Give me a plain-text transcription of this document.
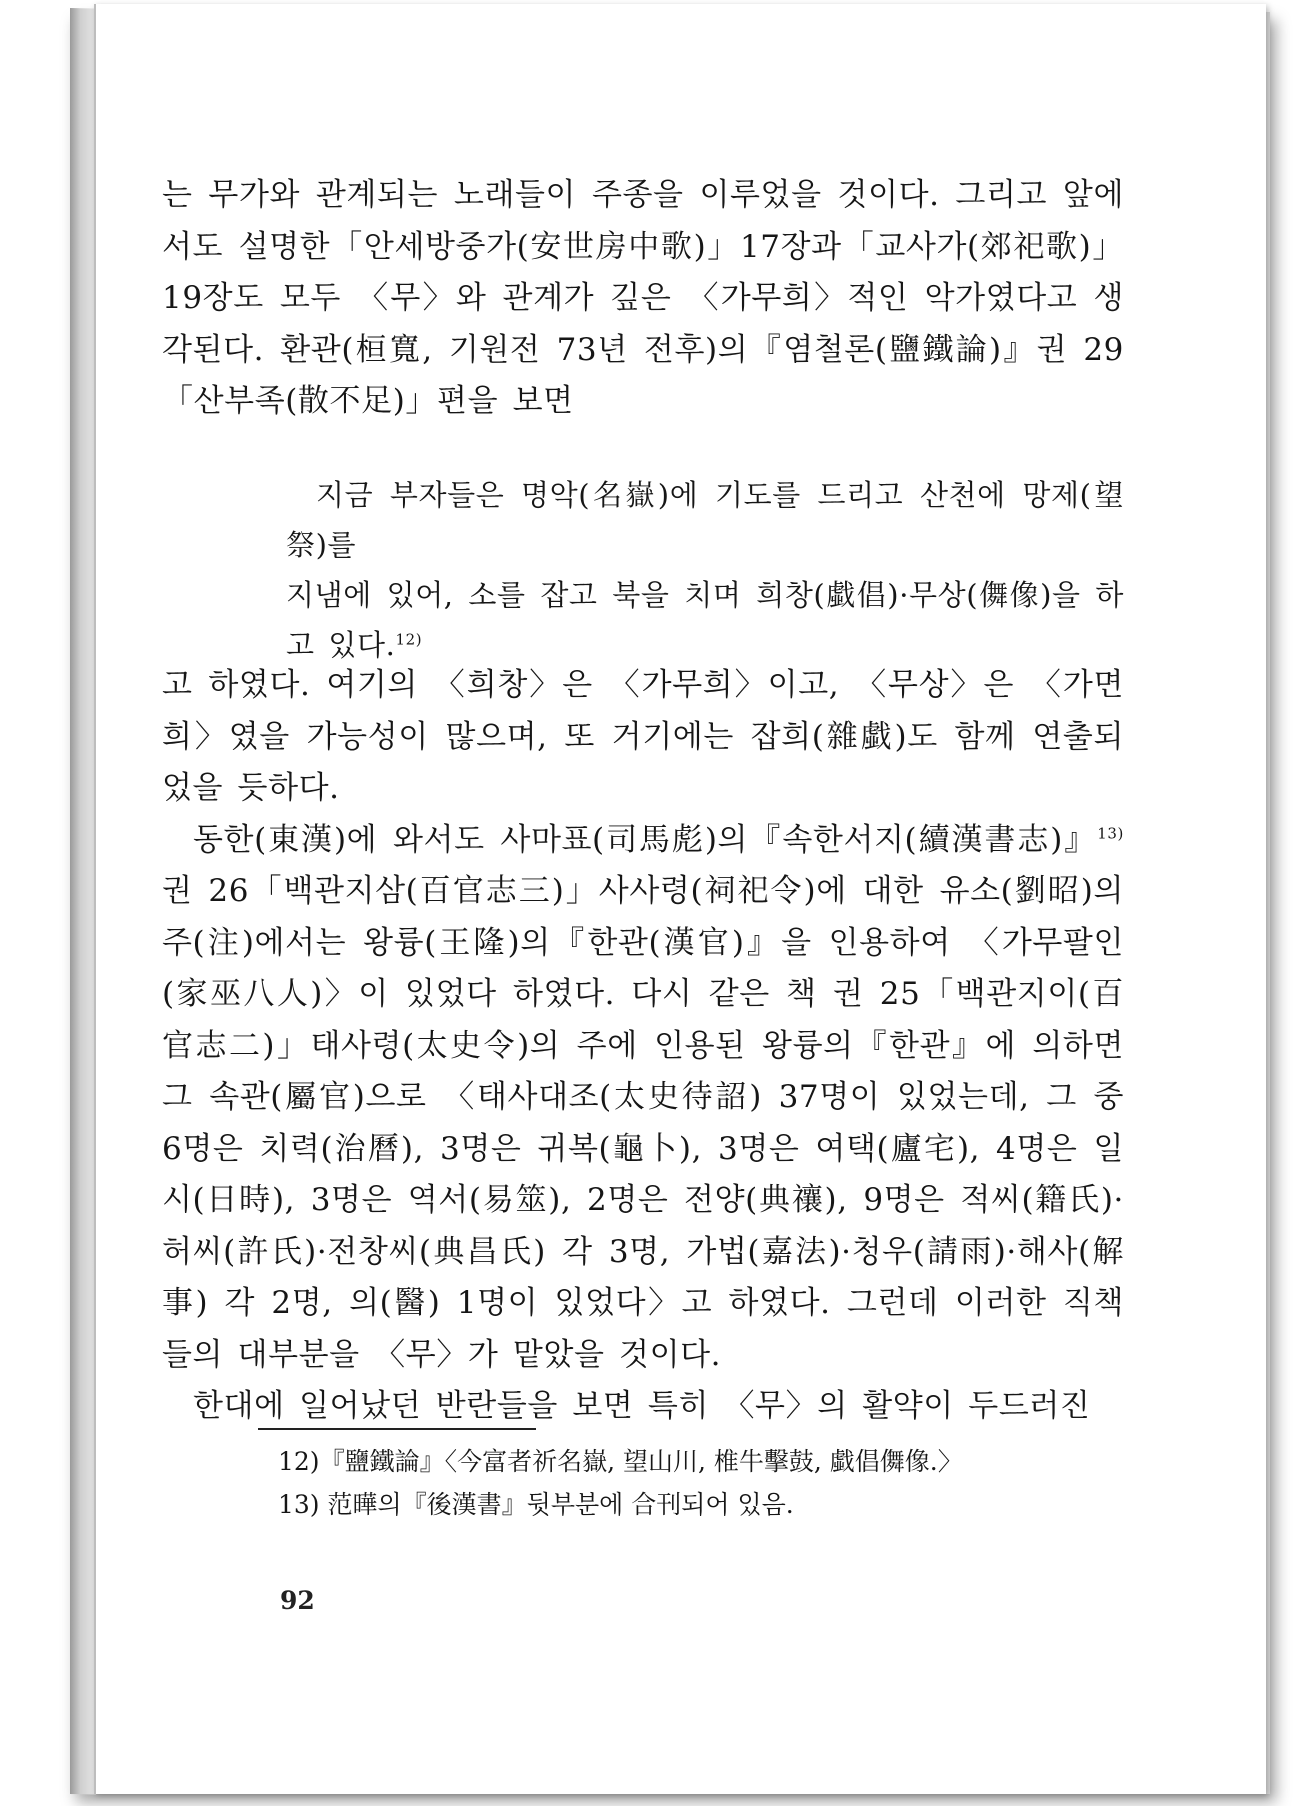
는 무가와 관계되는 노래들이 주종을 이루었을 것이다. 그리고 앞에서도 설명한「안세방중가(安世房中歌)」17장과「교사가(郊祀歌)」19장도 모두 〈무〉와 관계가 깊은 〈가무희〉적인 악가였다고 생각된다. 환관(桓寬, 기원전 73년 전후)의『염철론(鹽鐵論)』권 29「산부족(散不足)」편을 보면

지금 부자들은 명악(名嶽)에 기도를 드리고 산천에 망제(望祭)를

지냄에 있어, 소를 잡고 북을 치며 희창(戱倡)·무상(儛像)을 하고 있다.$^{12)}$

고 하였다. 여기의 〈희창〉은 〈가무희〉이고, 〈무상〉은 〈가면희〉였을 가능성이 많으며, 또 거기에는 잡희(雜戱)도 함께 연출되었을 듯하다.

동한(東漢)에 와서도 사마표(司馬彪)의『속한서지(續漢書志)』$^{13)}$ 권 26「백관지삼(百官志三)」사사령(祠祀令)에 대한 유소(劉昭)의 주(注)에서는 왕륭(王隆)의『한관(漢官)』을 인용하여 〈가무팔인(家巫八人)〉이 있었다 하였다. 다시 같은 책 권 25「백관지이(百官志二)」태사령(太史令)의 주에 인용된 왕륭의『한관』에 의하면 그 속관(屬官)으로 〈태사대조(太史待詔) 37명이 있었는데, 그 중 6명은 치력(治曆), 3명은 귀복(龜卜), 3명은 여택(廬宅), 4명은 일시(日時), 3명은 역서(易筮), 2명은 전양(典禳), 9명은 적씨(籍氏)·허씨(許氏)·전창씨(典昌氏) 각 3명, 가법(嘉法)·청우(請雨)·해사(解事) 각 2명, 의(醫) 1명이 있었다〉고 하였다. 그런데 이러한 직책들의 대부분을 〈무〉가 맡았을 것이다.

한대에 일어났던 반란들을 보면 특히 〈무〉의 활약이 두드러진

12)『鹽鐵論』〈今富者祈名嶽, 望山川, 椎牛擊鼓, 戱倡儛像.〉

13) 范曄의『後漢書』뒷부분에 合刊되어 있음.

92
